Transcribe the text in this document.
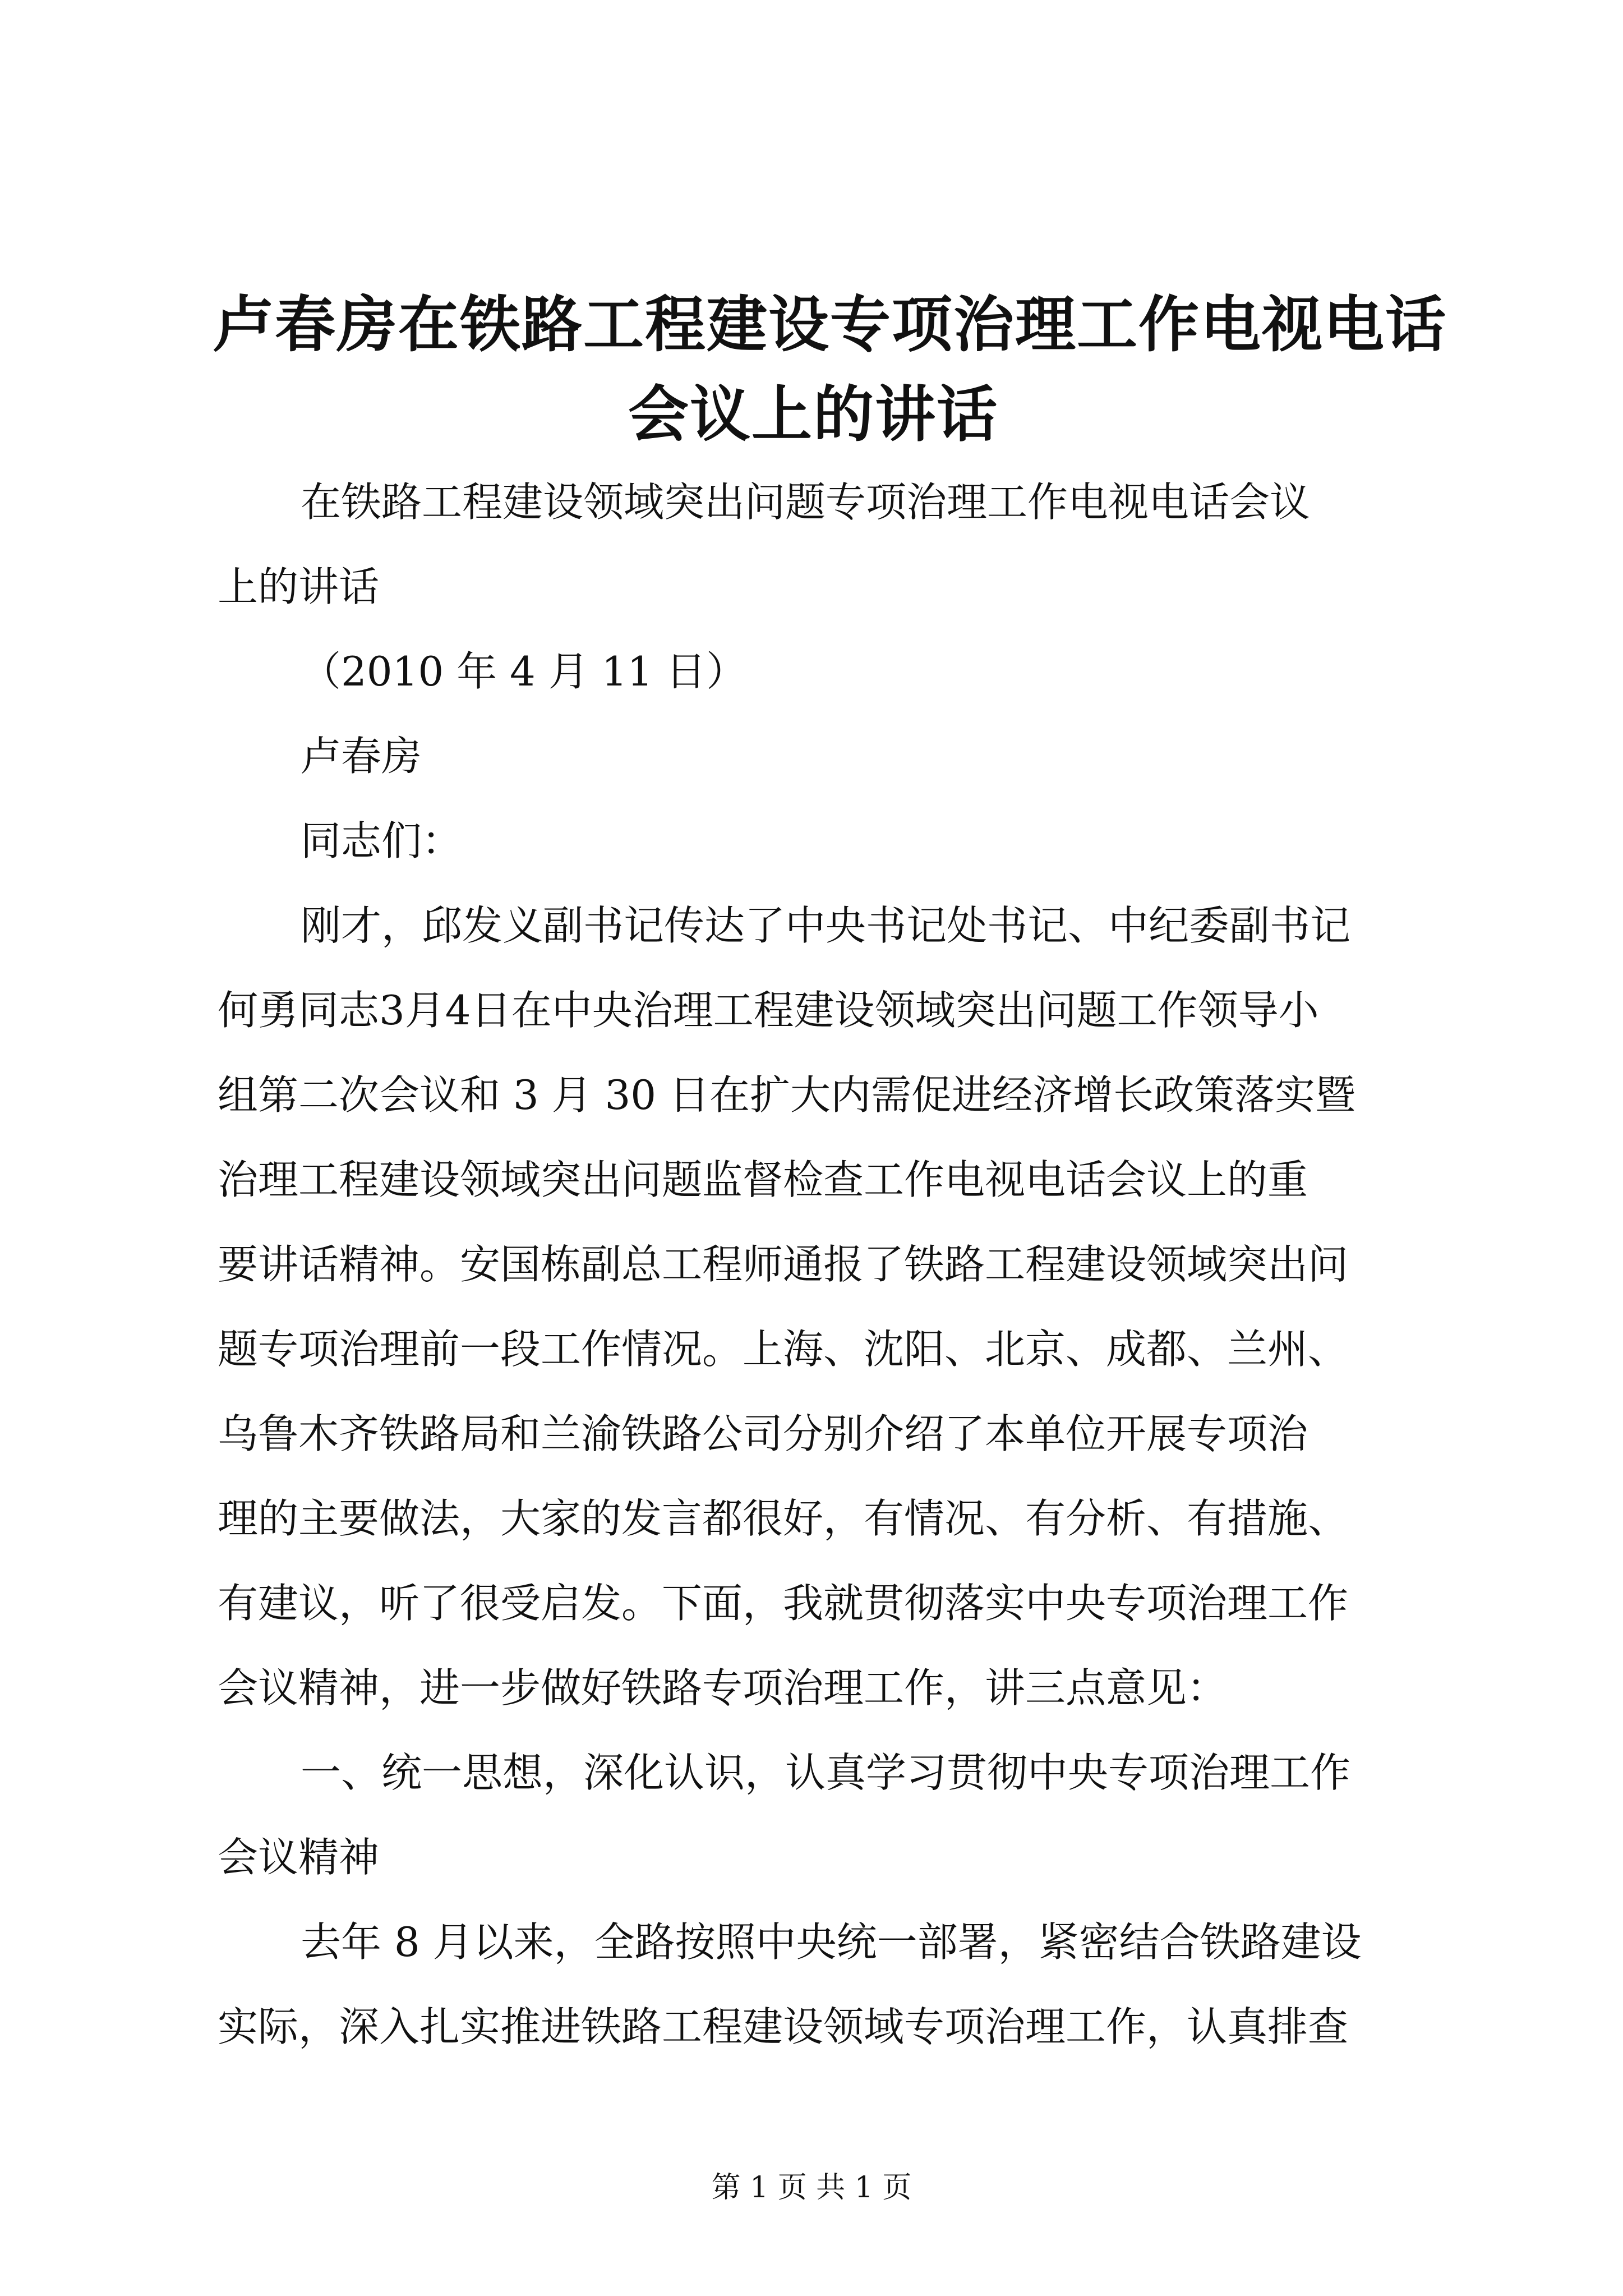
卢春房在铁路工程建设专项治理工作电视电话
会议上的讲话
在铁路工程建设领域突出问题专项治理工作电视电话会议
上的讲话
（2010 年 4 月 11 日）
卢春房
同志们：
刚才，邱发义副书记传达了中央书记处书记、中纪委副书记
何勇同志3月4日在中央治理工程建设领域突出问题工作领导小
组第二次会议和 3 月 30 日在扩大内需促进经济增长政策落实暨
治理工程建设领域突出问题监督检查工作电视电话会议上的重
要讲话精神。安国栋副总工程师通报了铁路工程建设领域突出问
题专项治理前一段工作情况。上海、沈阳、北京、成都、兰州、
乌鲁木齐铁路局和兰渝铁路公司分别介绍了本单位开展专项治
理的主要做法，大家的发言都很好，有情况、有分析、有措施、
有建议，听了很受启发。下面，我就贯彻落实中央专项治理工作
会议精神，进一步做好铁路专项治理工作，讲三点意见：
一、统一思想，深化认识，认真学习贯彻中央专项治理工作
会议精神
去年 8 月以来，全路按照中央统一部署，紧密结合铁路建设
实际，深入扎实推进铁路工程建设领域专项治理工作，认真排查
第 1 页 共 1 页
